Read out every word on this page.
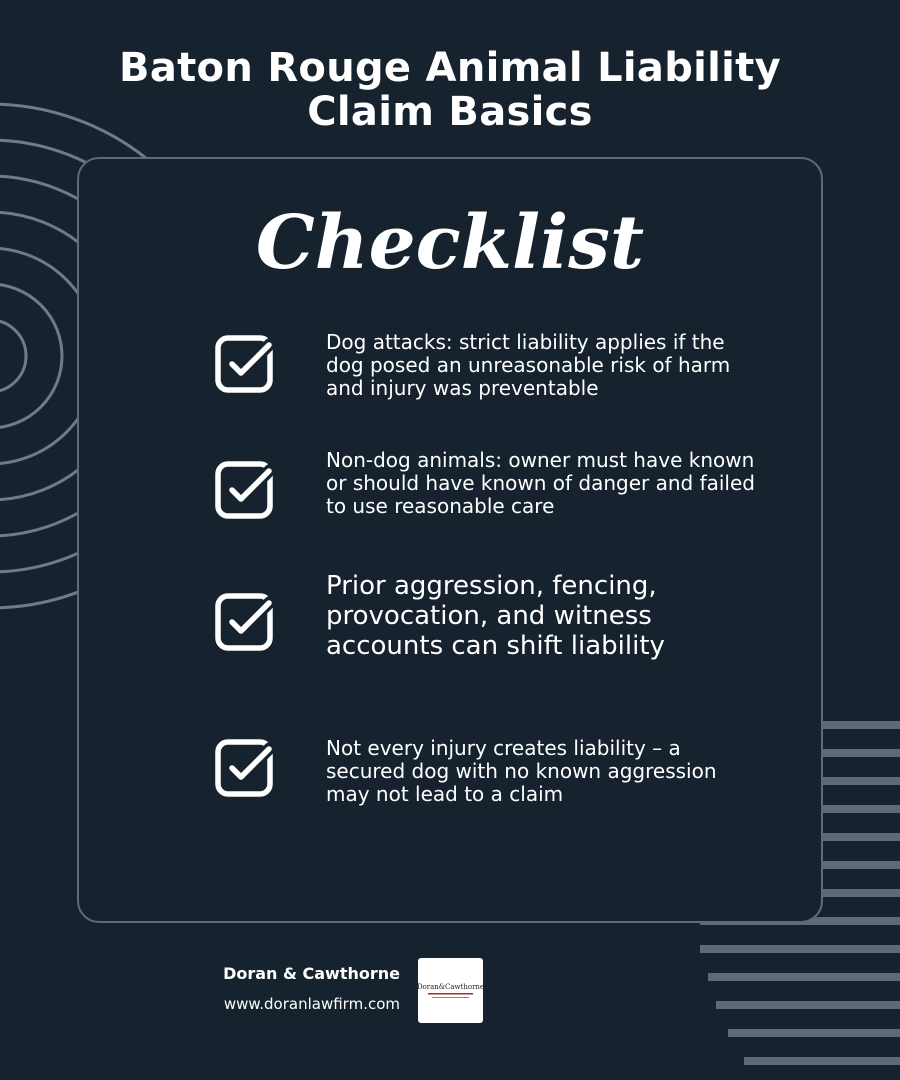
Baton Rouge Animal Liability
Claim Basics
Checklist

Dog attacks: strict liability applies if the dog posed an unreasonable risk of harm and injury was preventable

Non-dog animals: owner must have known or should have known of danger and failed to use reasonable care

Prior aggression, fencing, provocation, and witness accounts can shift liability

Not every injury creates liability – a secured dog with no known aggression may not lead to a claim

Doran & Cawthorne
www.doranlawfirm.com
Doran&Cawthorne
